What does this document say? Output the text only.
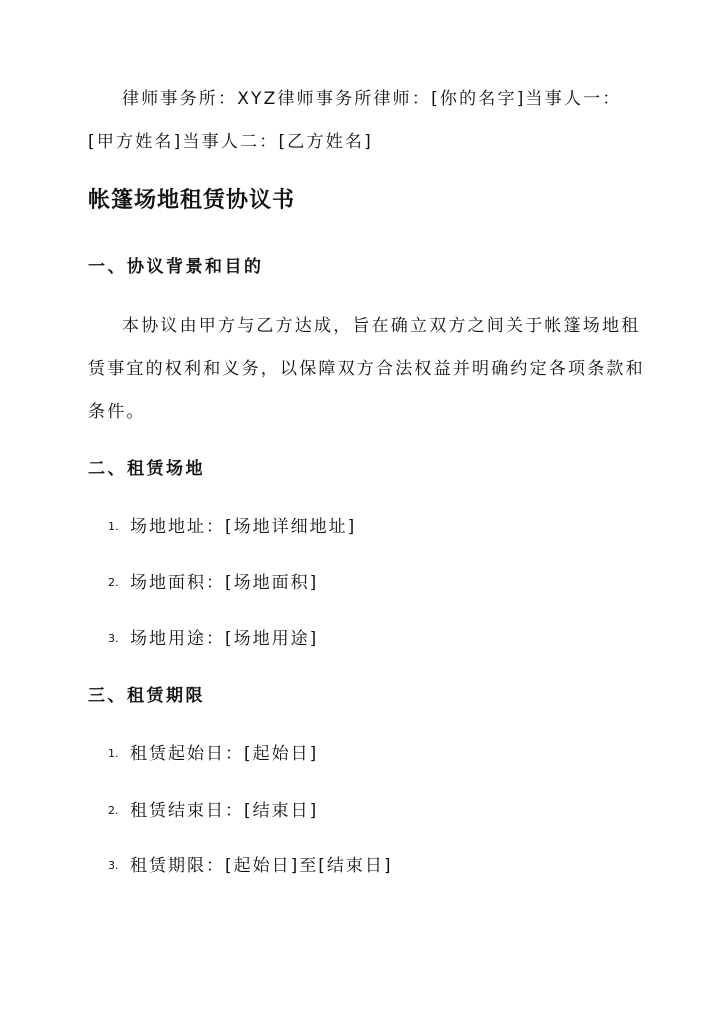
律师事务所：XYZ律师事务所律师：[你的名字]当事人一：
[甲方姓名]当事人二：[乙方姓名]
帐篷场地租赁协议书
一、协议背景和目的
本协议由甲方与乙方达成，旨在确立双方之间关于帐篷场地租
赁事宜的权利和义务，以保障双方合法权益并明确约定各项条款和
条件。
二、租赁场地
1. 场地地址：[场地详细地址]
2. 场地面积：[场地面积]
3. 场地用途：[场地用途]
三、租赁期限
1. 租赁起始日：[起始日]
2. 租赁结束日：[结束日]
3. 租赁期限：[起始日]至[结束日]
